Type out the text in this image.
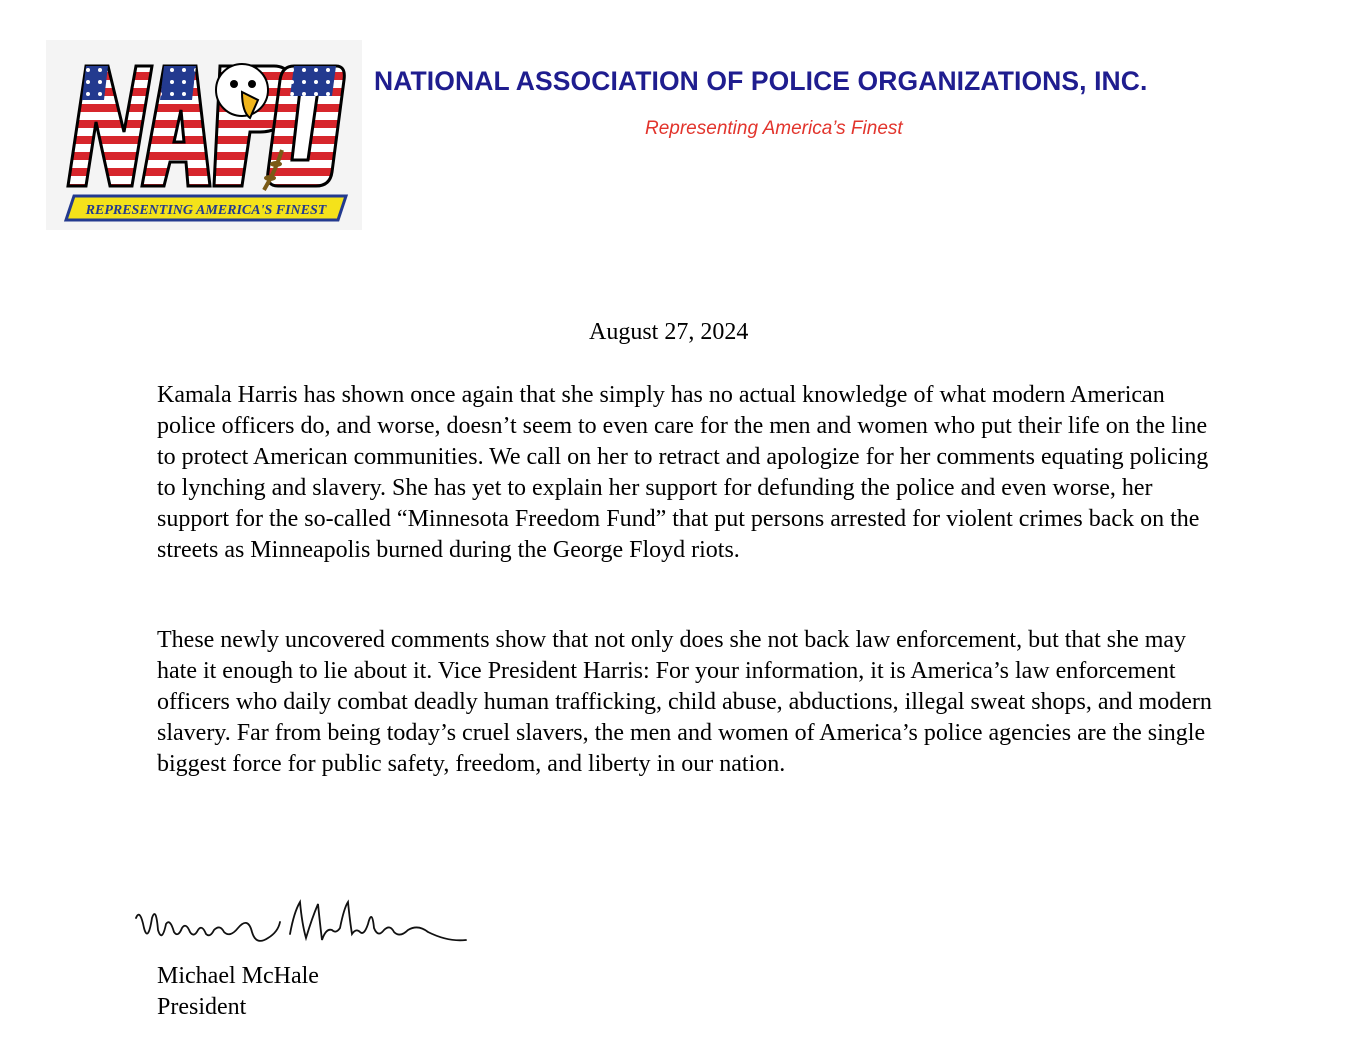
REPRESENTING AMERICA'S FINEST
NATIONAL ASSOCIATION OF POLICE ORGANIZATIONS, INC.
Representing America’s Finest
August 27, 2024

Kamala Harris has shown once again that she simply has no actual knowledge of what modern American police officers do, and worse, doesn’t seem to even care for the men and women who put their life on the line to protect American communities. We call on her to retract and apologize for her comments equating policing to lynching and slavery. She has yet to explain her support for defunding the police and even worse, her support for the so-called “Minnesota Freedom Fund” that put persons arrested for violent crimes back on the streets as Minneapolis burned during the George Floyd riots.

These newly uncovered comments show that not only does she not back law enforcement, but that she may hate it enough to lie about it. Vice President Harris: For your information, it is America’s law enforcement officers who daily combat deadly human trafficking, child abuse, abductions, illegal sweat shops, and modern slavery. Far from being today’s cruel slavers, the men and women of America’s police agencies are the single biggest force for public safety, freedom, and liberty in our nation.

Michael McHale
President
